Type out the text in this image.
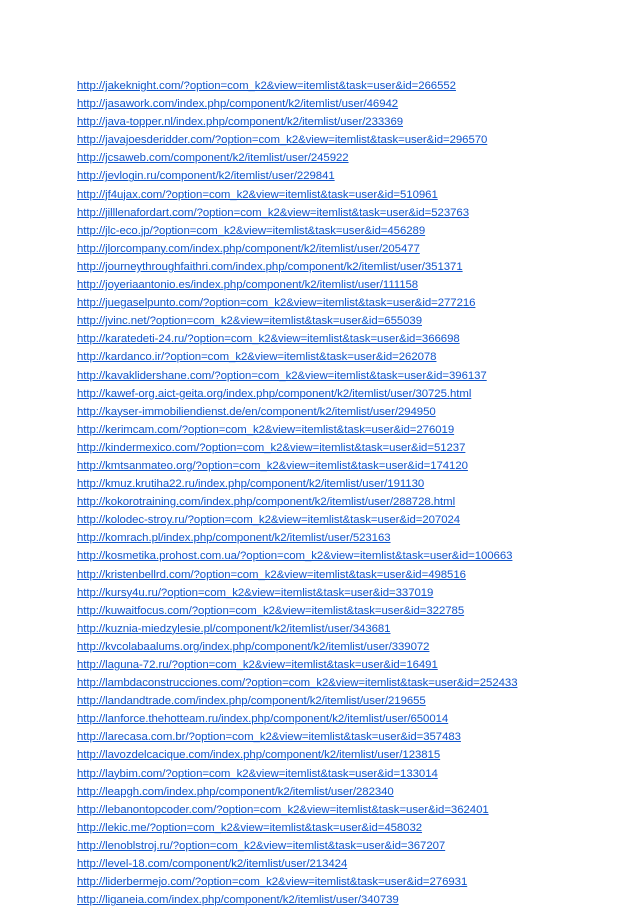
http://jakeknight.com/?option=com_k2&view=itemlist&task=user&id=266552
http://jasawork.com/index.php/component/k2/itemlist/user/46942
http://java-topper.nl/index.php/component/k2/itemlist/user/233369
http://javajoesderidder.com/?option=com_k2&view=itemlist&task=user&id=296570
http://jcsaweb.com/component/k2/itemlist/user/245922
http://jevlogin.ru/component/k2/itemlist/user/229841
http://jf4ujax.com/?option=com_k2&view=itemlist&task=user&id=510961
http://jilllenafordart.com/?option=com_k2&view=itemlist&task=user&id=523763
http://jlc-eco.jp/?option=com_k2&view=itemlist&task=user&id=456289
http://jlorcompany.com/index.php/component/k2/itemlist/user/205477
http://journeythroughfaithri.com/index.php/component/k2/itemlist/user/351371
http://joyeriaantonio.es/index.php/component/k2/itemlist/user/111158
http://juegaselpunto.com/?option=com_k2&view=itemlist&task=user&id=277216
http://jvinc.net/?option=com_k2&view=itemlist&task=user&id=655039
http://karatedeti-24.ru/?option=com_k2&view=itemlist&task=user&id=366698
http://kardanco.ir/?option=com_k2&view=itemlist&task=user&id=262078
http://kavaklidershane.com/?option=com_k2&view=itemlist&task=user&id=396137
http://kawef-org.aict-geita.org/index.php/component/k2/itemlist/user/30725.html
http://kayser-immobiliendienst.de/en/component/k2/itemlist/user/294950
http://kerimcam.com/?option=com_k2&view=itemlist&task=user&id=276019
http://kindermexico.com/?option=com_k2&view=itemlist&task=user&id=51237
http://kmtsanmateo.org/?option=com_k2&view=itemlist&task=user&id=174120
http://kmuz.krutiha22.ru/index.php/component/k2/itemlist/user/191130
http://kokorotraining.com/index.php/component/k2/itemlist/user/288728.html
http://kolodec-stroy.ru/?option=com_k2&view=itemlist&task=user&id=207024
http://komrach.pl/index.php/component/k2/itemlist/user/523163
http://kosmetika.prohost.com.ua/?option=com_k2&view=itemlist&task=user&id=100663
http://kristenbellrd.com/?option=com_k2&view=itemlist&task=user&id=498516
http://kursy4u.ru/?option=com_k2&view=itemlist&task=user&id=337019
http://kuwaitfocus.com/?option=com_k2&view=itemlist&task=user&id=322785
http://kuznia-miedzylesie.pl/component/k2/itemlist/user/343681
http://kvcolabaalums.org/index.php/component/k2/itemlist/user/339072
http://laguna-72.ru/?option=com_k2&view=itemlist&task=user&id=16491
http://lambdaconstrucciones.com/?option=com_k2&view=itemlist&task=user&id=252433
http://landandtrade.com/index.php/component/k2/itemlist/user/219655
http://lanforce.thehotteam.ru/index.php/component/k2/itemlist/user/650014
http://larecasa.com.br/?option=com_k2&view=itemlist&task=user&id=357483
http://lavozdelcacique.com/index.php/component/k2/itemlist/user/123815
http://laybim.com/?option=com_k2&view=itemlist&task=user&id=133014
http://leapgh.com/index.php/component/k2/itemlist/user/282340
http://lebanontopcoder.com/?option=com_k2&view=itemlist&task=user&id=362401
http://lekic.me/?option=com_k2&view=itemlist&task=user&id=458032
http://lenoblstroj.ru/?option=com_k2&view=itemlist&task=user&id=367207
http://level-18.com/component/k2/itemlist/user/213424
http://liderbermejo.com/?option=com_k2&view=itemlist&task=user&id=276931
http://liganeia.com/index.php/component/k2/itemlist/user/340739
